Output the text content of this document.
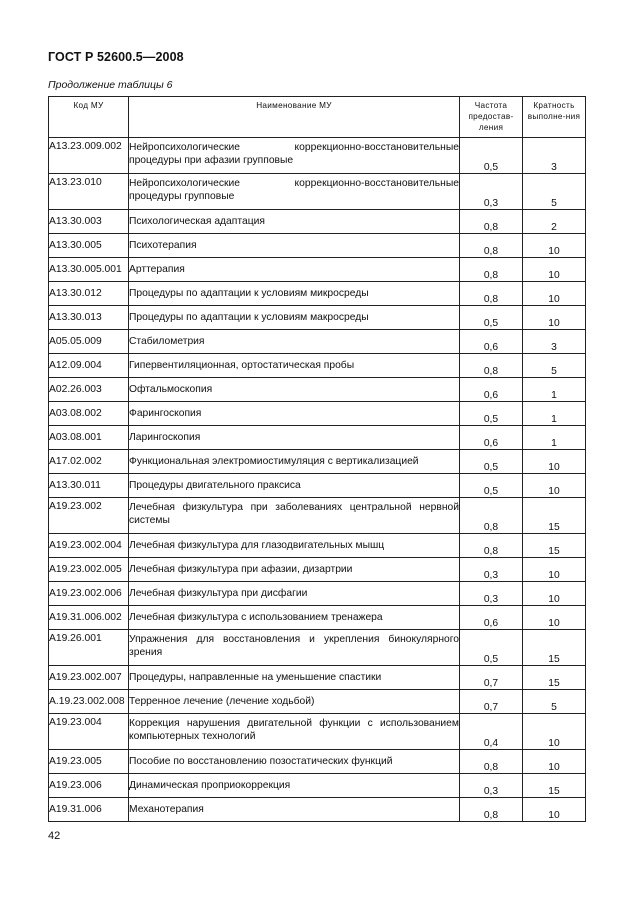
ГОСТ Р 52600.5—2008
Продолжение таблицы 6
Код МУ	Наименование МУ	Частота предостав-ления	Кратность выполне-ния
A13.23.009.002	Нейропсихологические коррекционно-восстановительные процедуры при афазии групповые	0,5	3
A13.23.010	Нейропсихологические коррекционно-восстановительные процедуры групповые	0,3	5
A13.30.003	Психологическая адаптация	0,8	2
A13.30.005	Психотерапия	0,8	10
A13.30.005.001	Арттерапия	0,8	10
A13.30.012	Процедуры по адаптации к условиям микросреды	0,8	10
A13.30.013	Процедуры по адаптации к условиям макросреды	0,5	10
A05.05.009	Стабилометрия	0,6	3
A12.09.004	Гипервентиляционная, ортостатическая пробы	0,8	5
A02.26.003	Офтальмоскопия	0,6	1
A03.08.002	Фарингоскопия	0,5	1
A03.08.001	Ларингоскопия	0,6	1
A17.02.002	Функциональная электромиостимуляция с вертикализацией	0,5	10
A13.30.011	Процедуры двигательного праксиса	0,5	10
A19.23.002	Лечебная физкультура при заболеваниях центральной нервной системы	0,8	15
A19.23.002.004	Лечебная физкультура для глазодвигательных мышц	0,8	15
A19.23.002.005	Лечебная физкультура при афазии, дизартрии	0,3	10
A19.23.002.006	Лечебная физкультура при дисфагии	0,3	10
A19.31.006.002	Лечебная физкультура с использованием тренажера	0,6	10
A19.26.001	Упражнения для восстановления и укрепления бинокулярного зрения	0,5	15
A19.23.002.007	Процедуры, направленные на уменьшение спастики	0,7	15
A.19.23.002.008	Терренное лечение (лечение ходьбой)	0,7	5
A19.23.004	Коррекция нарушения двигательной функции с использованием компьютерных технологий	0,4	10
A19.23.005	Пособие по восстановлению позостатических функций	0,8	10
A19.23.006	Динамическая проприокоррекция	0,3	15
A19.31.006	Механотерапия	0,8	10
42
